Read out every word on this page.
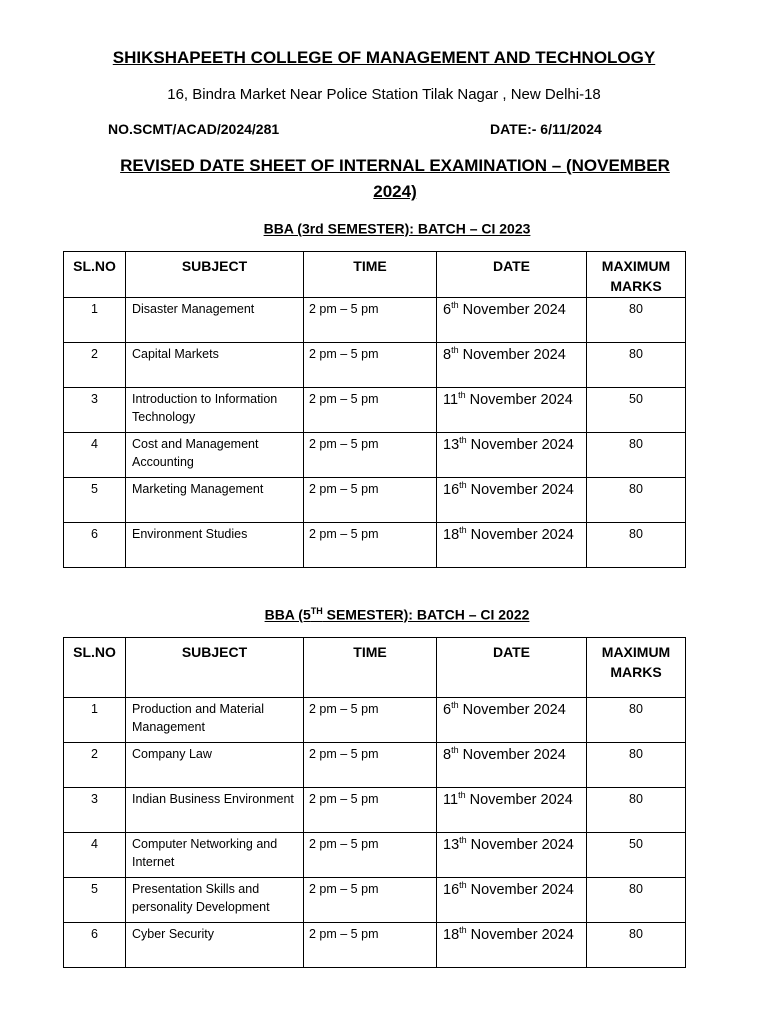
SHIKSHAPEETH COLLEGE OF MANAGEMENT AND TECHNOLOGY
16, Bindra Market Near Police Station Tilak Nagar , New Delhi-18
NO.SCMT/ACAD/2024/281	DATE:- 6/11/2024
REVISED DATE SHEET OF INTERNAL EXAMINATION – (NOVEMBER 2024)
BBA (3rd SEMESTER): BATCH – CI 2023
SL.NO	SUBJECT	TIME	DATE	MAXIMUM MARKS
1	Disaster Management	2 pm – 5 pm	6th November 2024	80
2	Capital Markets	2 pm – 5 pm	8th November 2024	80
3	Introduction to Information Technology	2 pm – 5 pm	11th November 2024	50
4	Cost and Management Accounting	2 pm – 5 pm	13th November 2024	80
5	Marketing Management	2 pm – 5 pm	16th November 2024	80
6	Environment Studies	2 pm – 5 pm	18th November 2024	80
BBA (5TH SEMESTER): BATCH – CI 2022
SL.NO	SUBJECT	TIME	DATE	MAXIMUM MARKS
1	Production and Material Management	2 pm – 5 pm	6th November 2024	80
2	Company Law	2 pm – 5 pm	8th November 2024	80
3	Indian Business Environment	2 pm – 5 pm	11th November 2024	80
4	Computer Networking and Internet	2 pm – 5 pm	13th November 2024	50
5	Presentation Skills and personality Development	2 pm – 5 pm	16th November 2024	80
6	Cyber Security	2 pm – 5 pm	18th November 2024	80
